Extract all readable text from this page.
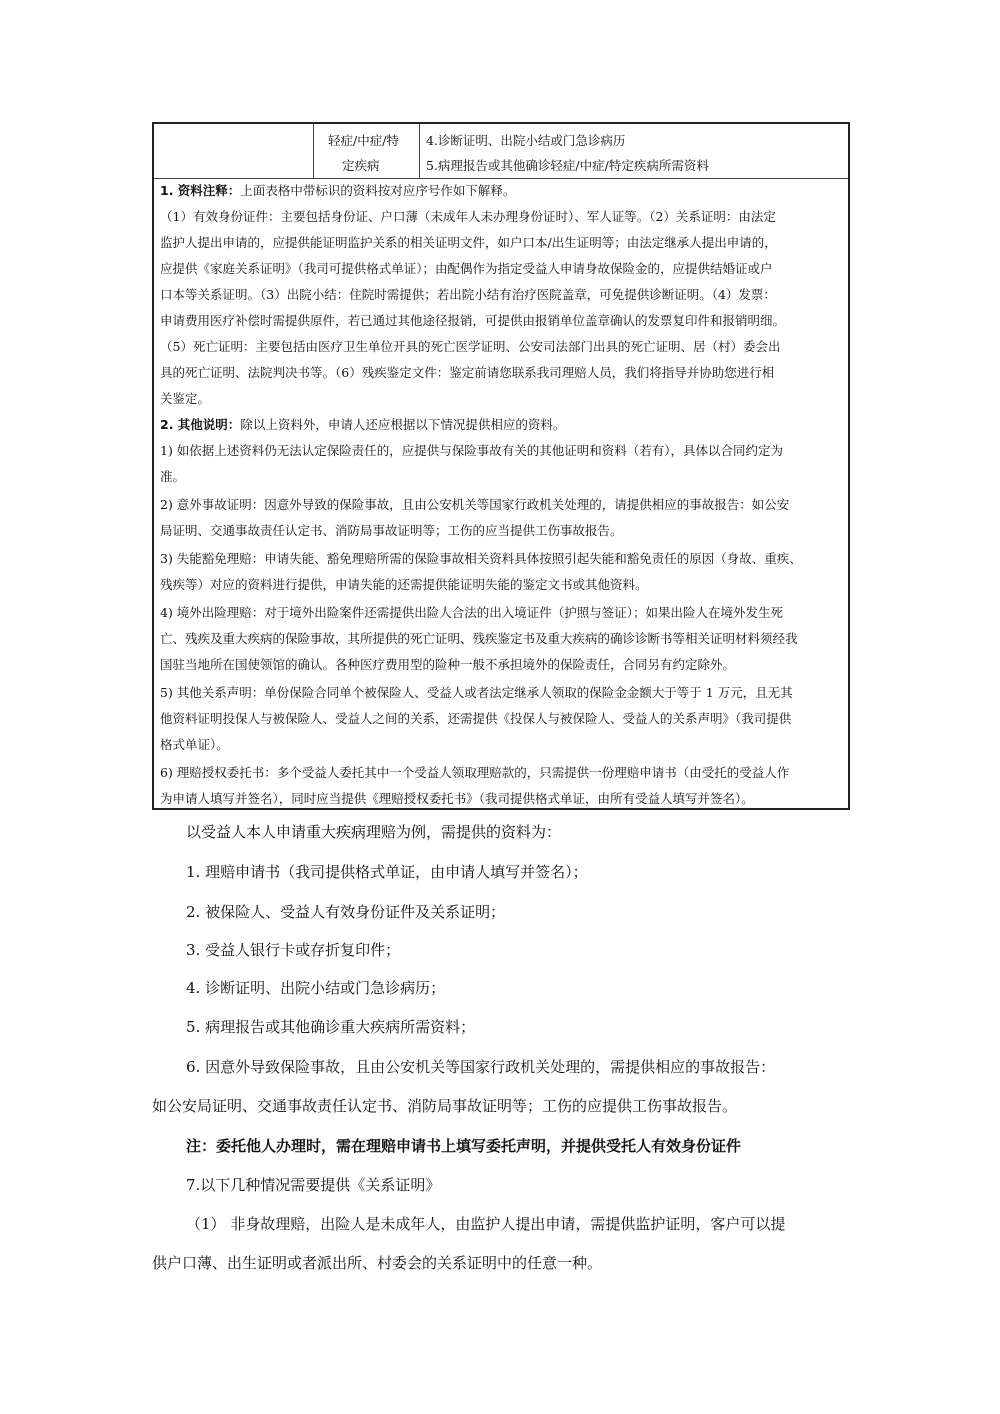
轻症/中症/特
定疾病
4.诊断证明、出院小结或门急诊病历
5.病理报告或其他确诊轻症/中症/特定疾病所需资料
1. 资料注释：上面表格中带标识的资料按对应序号作如下解释。
（1）有效身份证件：主要包括身份证、户口薄（未成年人未办理身份证时）、军人证等。（2）关系证明：由法定
监护人提出申请的，应提供能证明监护关系的相关证明文件，如户口本/出生证明等；由法定继承人提出申请的，
应提供《家庭关系证明》（我司可提供格式单证）；由配偶作为指定受益人申请身故保险金的，应提供结婚证或户
口本等关系证明。（3）出院小结：住院时需提供；若出院小结有治疗医院盖章，可免提供诊断证明。（4）发票：
申请费用医疗补偿时需提供原件，若已通过其他途径报销，可提供由报销单位盖章确认的发票复印件和报销明细。
（5）死亡证明：主要包括由医疗卫生单位开具的死亡医学证明、公安司法部门出具的死亡证明、居（村）委会出
具的死亡证明、法院判决书等。（6）残疾鉴定文件：鉴定前请您联系我司理赔人员，我们将指导并协助您进行相
关鉴定。
2. 其他说明：除以上资料外，申请人还应根据以下情况提供相应的资料。
1) 如依据上述资料仍无法认定保险责任的，应提供与保险事故有关的其他证明和资料（若有），具体以合同约定为
准。
2) 意外事故证明：因意外导致的保险事故，且由公安机关等国家行政机关处理的，请提供相应的事故报告：如公安
局证明、交通事故责任认定书、消防局事故证明等；工伤的应当提供工伤事故报告。
3) 失能豁免理赔：申请失能、豁免理赔所需的保险事故相关资料具体按照引起失能和豁免责任的原因（身故、重疾、
残疾等）对应的资料进行提供，申请失能的还需提供能证明失能的鉴定文书或其他资料。
4) 境外出险理赔：对于境外出险案件还需提供出险人合法的出入境证件（护照与签证）；如果出险人在境外发生死
亡、残疾及重大疾病的保险事故，其所提供的死亡证明、残疾鉴定书及重大疾病的确诊诊断书等相关证明材料须经我
国驻当地所在国使领馆的确认。各种医疗费用型的险种一般不承担境外的保险责任，合同另有约定除外。
5) 其他关系声明：单份保险合同单个被保险人、受益人或者法定继承人领取的保险金金额大于等于 1 万元，且无其
他资料证明投保人与被保险人、受益人之间的关系，还需提供《投保人与被保险人、受益人的关系声明》（我司提供
格式单证）。
6) 理赔授权委托书：多个受益人委托其中一个受益人领取理赔款的，只需提供一份理赔申请书（由受托的受益人作
为申请人填写并签名），同时应当提供《理赔授权委托书》（我司提供格式单证，由所有受益人填写并签名）。
以受益人本人申请重大疾病理赔为例，需提供的资料为：
1. 理赔申请书（我司提供格式单证，由申请人填写并签名）；
2. 被保险人、受益人有效身份证件及关系证明；
3. 受益人银行卡或存折复印件；
4. 诊断证明、出院小结或门急诊病历；
5. 病理报告或其他确诊重大疾病所需资料；
6. 因意外导致保险事故，且由公安机关等国家行政机关处理的，需提供相应的事故报告：
如公安局证明、交通事故责任认定书、消防局事故证明等；工伤的应提供工伤事故报告。
注：委托他人办理时，需在理赔申请书上填写委托声明，并提供受托人有效身份证件
7.以下几种情况需要提供《关系证明》
（1） 非身故理赔，出险人是未成年人，由监护人提出申请，需提供监护证明，客户可以提
供户口薄、出生证明或者派出所、村委会的关系证明中的任意一种。
